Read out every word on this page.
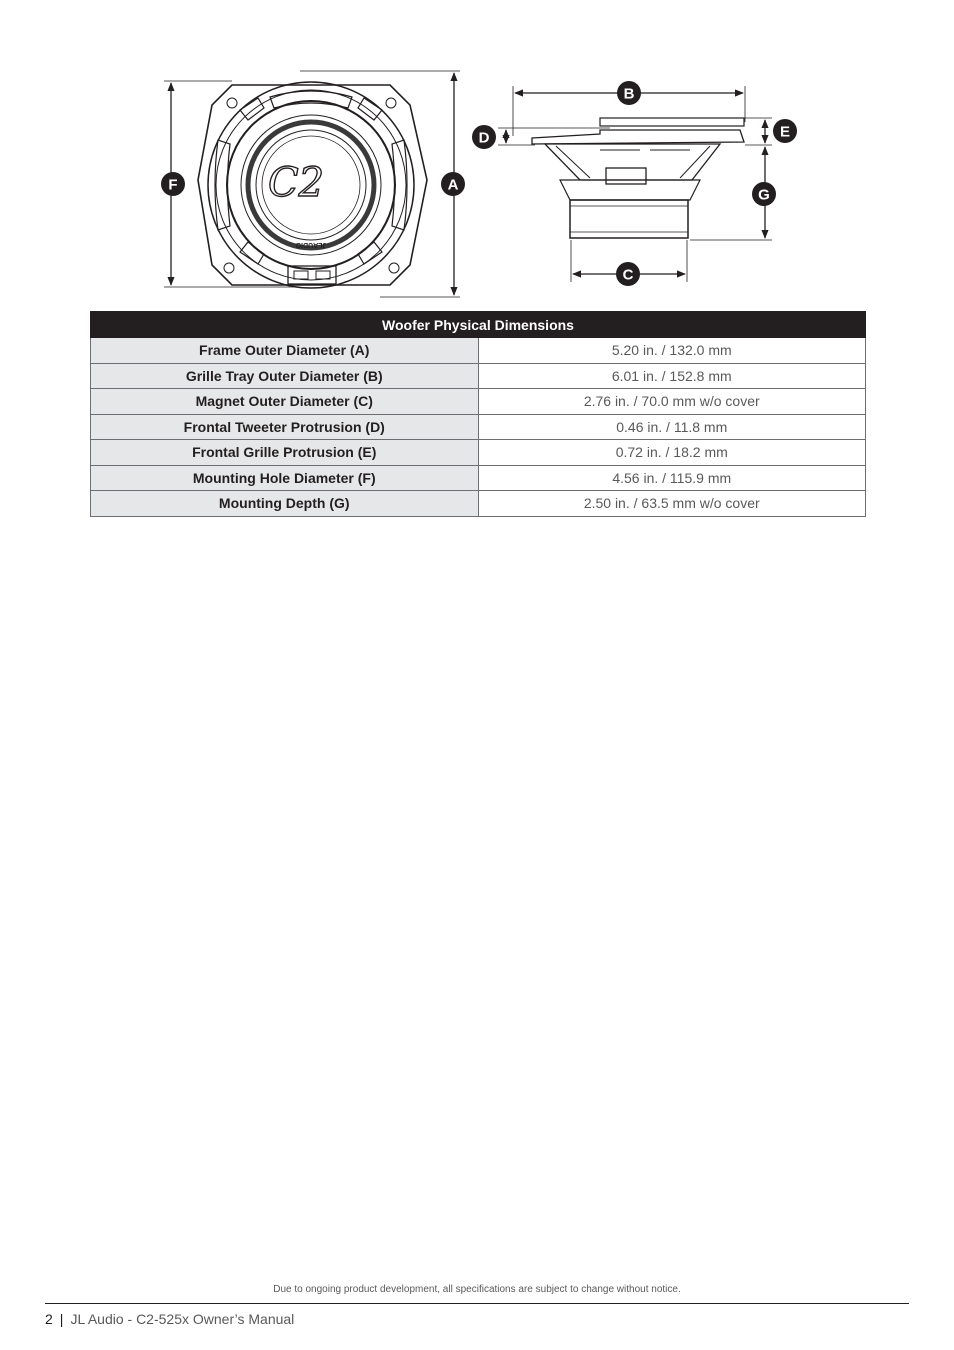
C2
JLAUDIO
F	A
B
D	E
G
C
Woofer Physical Dimensions	
Frame Outer Diameter (A)	5.20 in. / 132.0 mm
Grille Tray Outer Diameter (B)	6.01 in. / 152.8 mm
Magnet Outer Diameter (C)	2.76 in. / 70.0 mm w/o cover
Frontal Tweeter Protrusion (D)	0.46 in. / 11.8 mm
Frontal Grille Protrusion (E)	0.72 in. / 18.2 mm
Mounting Hole Diameter (F)	4.56 in. / 115.9 mm
Mounting Depth (G)	2.50 in. / 63.5 mm w/o cover
Due to ongoing product development, all specifications are subject to change without notice.
2 | JL Audio - C2-525x Owner’s Manual
